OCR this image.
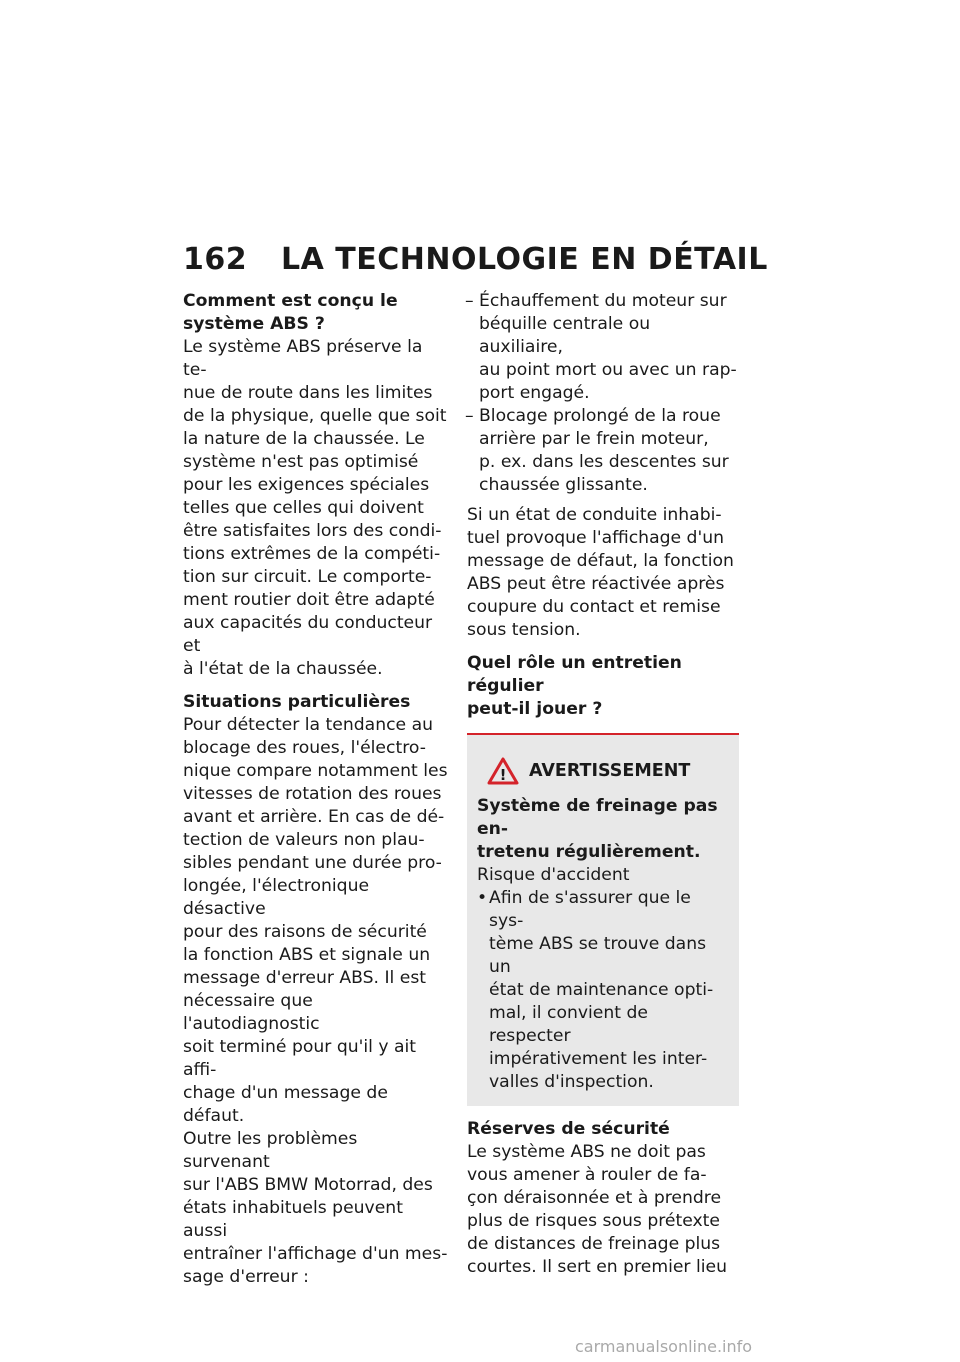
162 LA TECHNOLOGIE EN DÉTAIL

Comment est conçu le
système ABS ?

Le système ABS préserve la te-
nue de route dans les limites
de la physique, quelle que soit
la nature de la chaussée. Le
système n'est pas optimisé
pour les exigences spéciales
telles que celles qui doivent
être satisfaites lors des condi-
tions extrêmes de la compéti-
tion sur circuit. Le comporte-
ment routier doit être adapté
aux capacités du conducteur et
à l'état de la chaussée.

Situations particulières

Pour détecter la tendance au
blocage des roues, l'électro-
nique compare notamment les
vitesses de rotation des roues
avant et arrière. En cas de dé-
tection de valeurs non plau-
sibles pendant une durée pro-
longée, l'électronique désactive
pour des raisons de sécurité
la fonction ABS et signale un
message d'erreur ABS. Il est
nécessaire que l'autodiagnostic
soit terminé pour qu'il y ait affi-
chage d'un message de défaut.
Outre les problèmes survenant
sur l'ABS BMW Motorrad, des
états inhabituels peuvent aussi
entraîner l'affichage d'un mes-
sage d'erreur :

– Échauffement du moteur sur
béquille centrale ou auxiliaire,
au point mort ou avec un rap-
port engagé.
– Blocage prolongé de la roue
arrière par le frein moteur,
p. ex. dans les descentes sur
chaussée glissante.

Si un état de conduite inhabi-
tuel provoque l'affichage d'un
message de défaut, la fonction
ABS peut être réactivée après
coupure du contact et remise
sous tension.

Quel rôle un entretien régulier
peut-il jouer ?

! AVERTISSEMENT

Système de freinage pas en-
tretenu régulièrement.

Risque d'accident

• Afin de s'assurer que le sys-
tème ABS se trouve dans un
état de maintenance opti-
mal, il convient de respecter
impérativement les inter-
valles d'inspection.

Réserves de sécurité

Le système ABS ne doit pas
vous amener à rouler de fa-
çon déraisonnée et à prendre
plus de risques sous prétexte
de distances de freinage plus
courtes. Il sert en premier lieu

carmanualsonline.info
